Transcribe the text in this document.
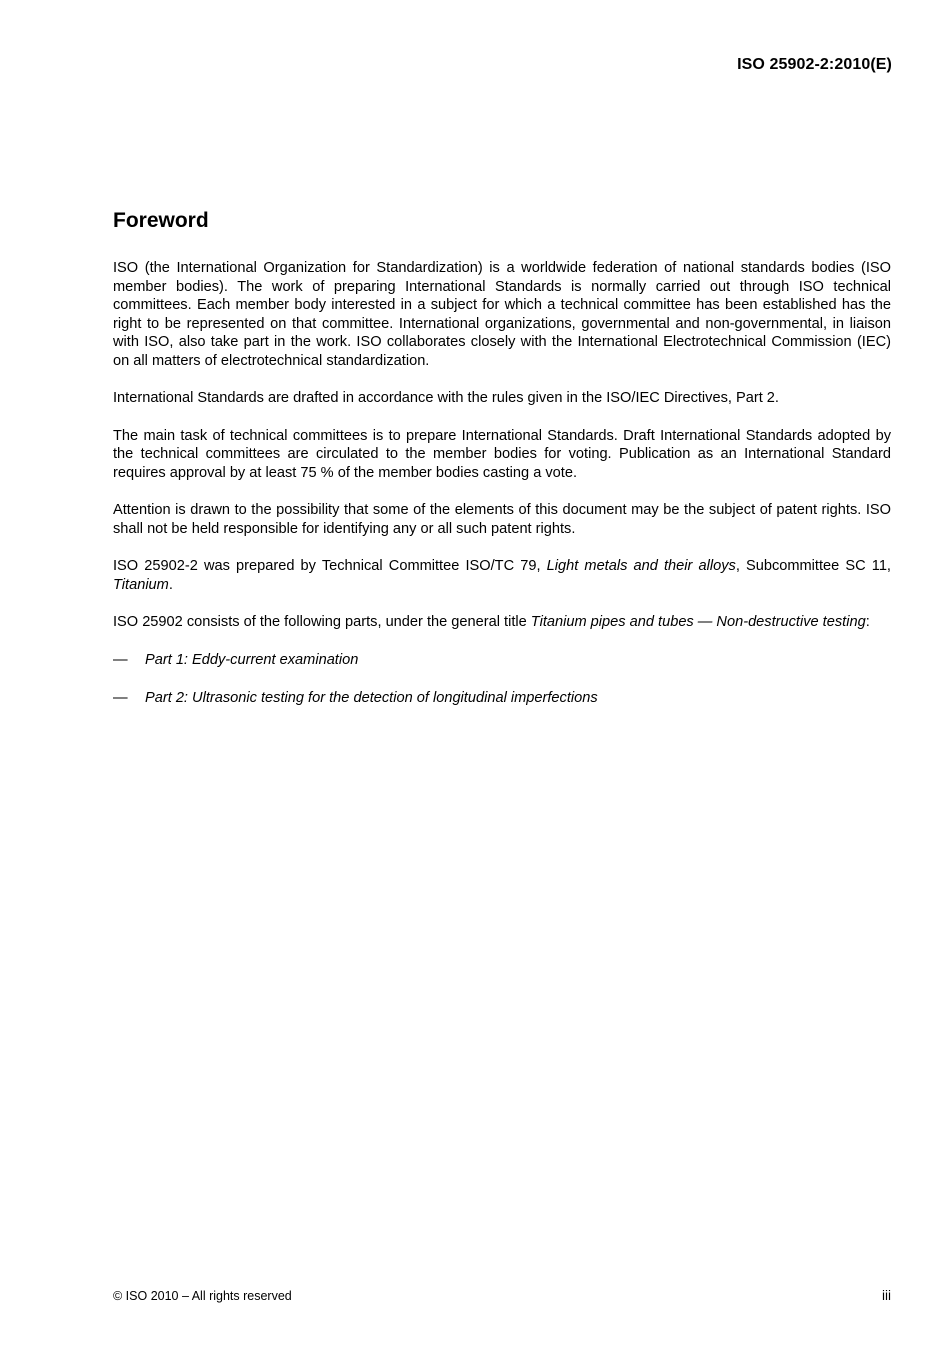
ISO 25902-2:2010(E)
Foreword

ISO (the International Organization for Standardization) is a worldwide federation of national standards bodies (ISO member bodies). The work of preparing International Standards is normally carried out through ISO technical committees. Each member body interested in a subject for which a technical committee has been established has the right to be represented on that committee. International organizations, governmental and non-governmental, in liaison with ISO, also take part in the work. ISO collaborates closely with the International Electrotechnical Commission (IEC) on all matters of electrotechnical standardization.

International Standards are drafted in accordance with the rules given in the ISO/IEC Directives, Part 2.

The main task of technical committees is to prepare International Standards. Draft International Standards adopted by the technical committees are circulated to the member bodies for voting. Publication as an International Standard requires approval by at least 75 % of the member bodies casting a vote.

Attention is drawn to the possibility that some of the elements of this document may be the subject of patent rights. ISO shall not be held responsible for identifying any or all such patent rights.

ISO 25902-2 was prepared by Technical Committee ISO/TC 79, Light metals and their alloys, Subcommittee SC 11, Titanium.

ISO 25902 consists of the following parts, under the general title Titanium pipes and tubes — Non-destructive testing:

— Part 1: Eddy-current examination
— Part 2: Ultrasonic testing for the detection of longitudinal imperfections
© ISO 2010 – All rights reserved	iii
